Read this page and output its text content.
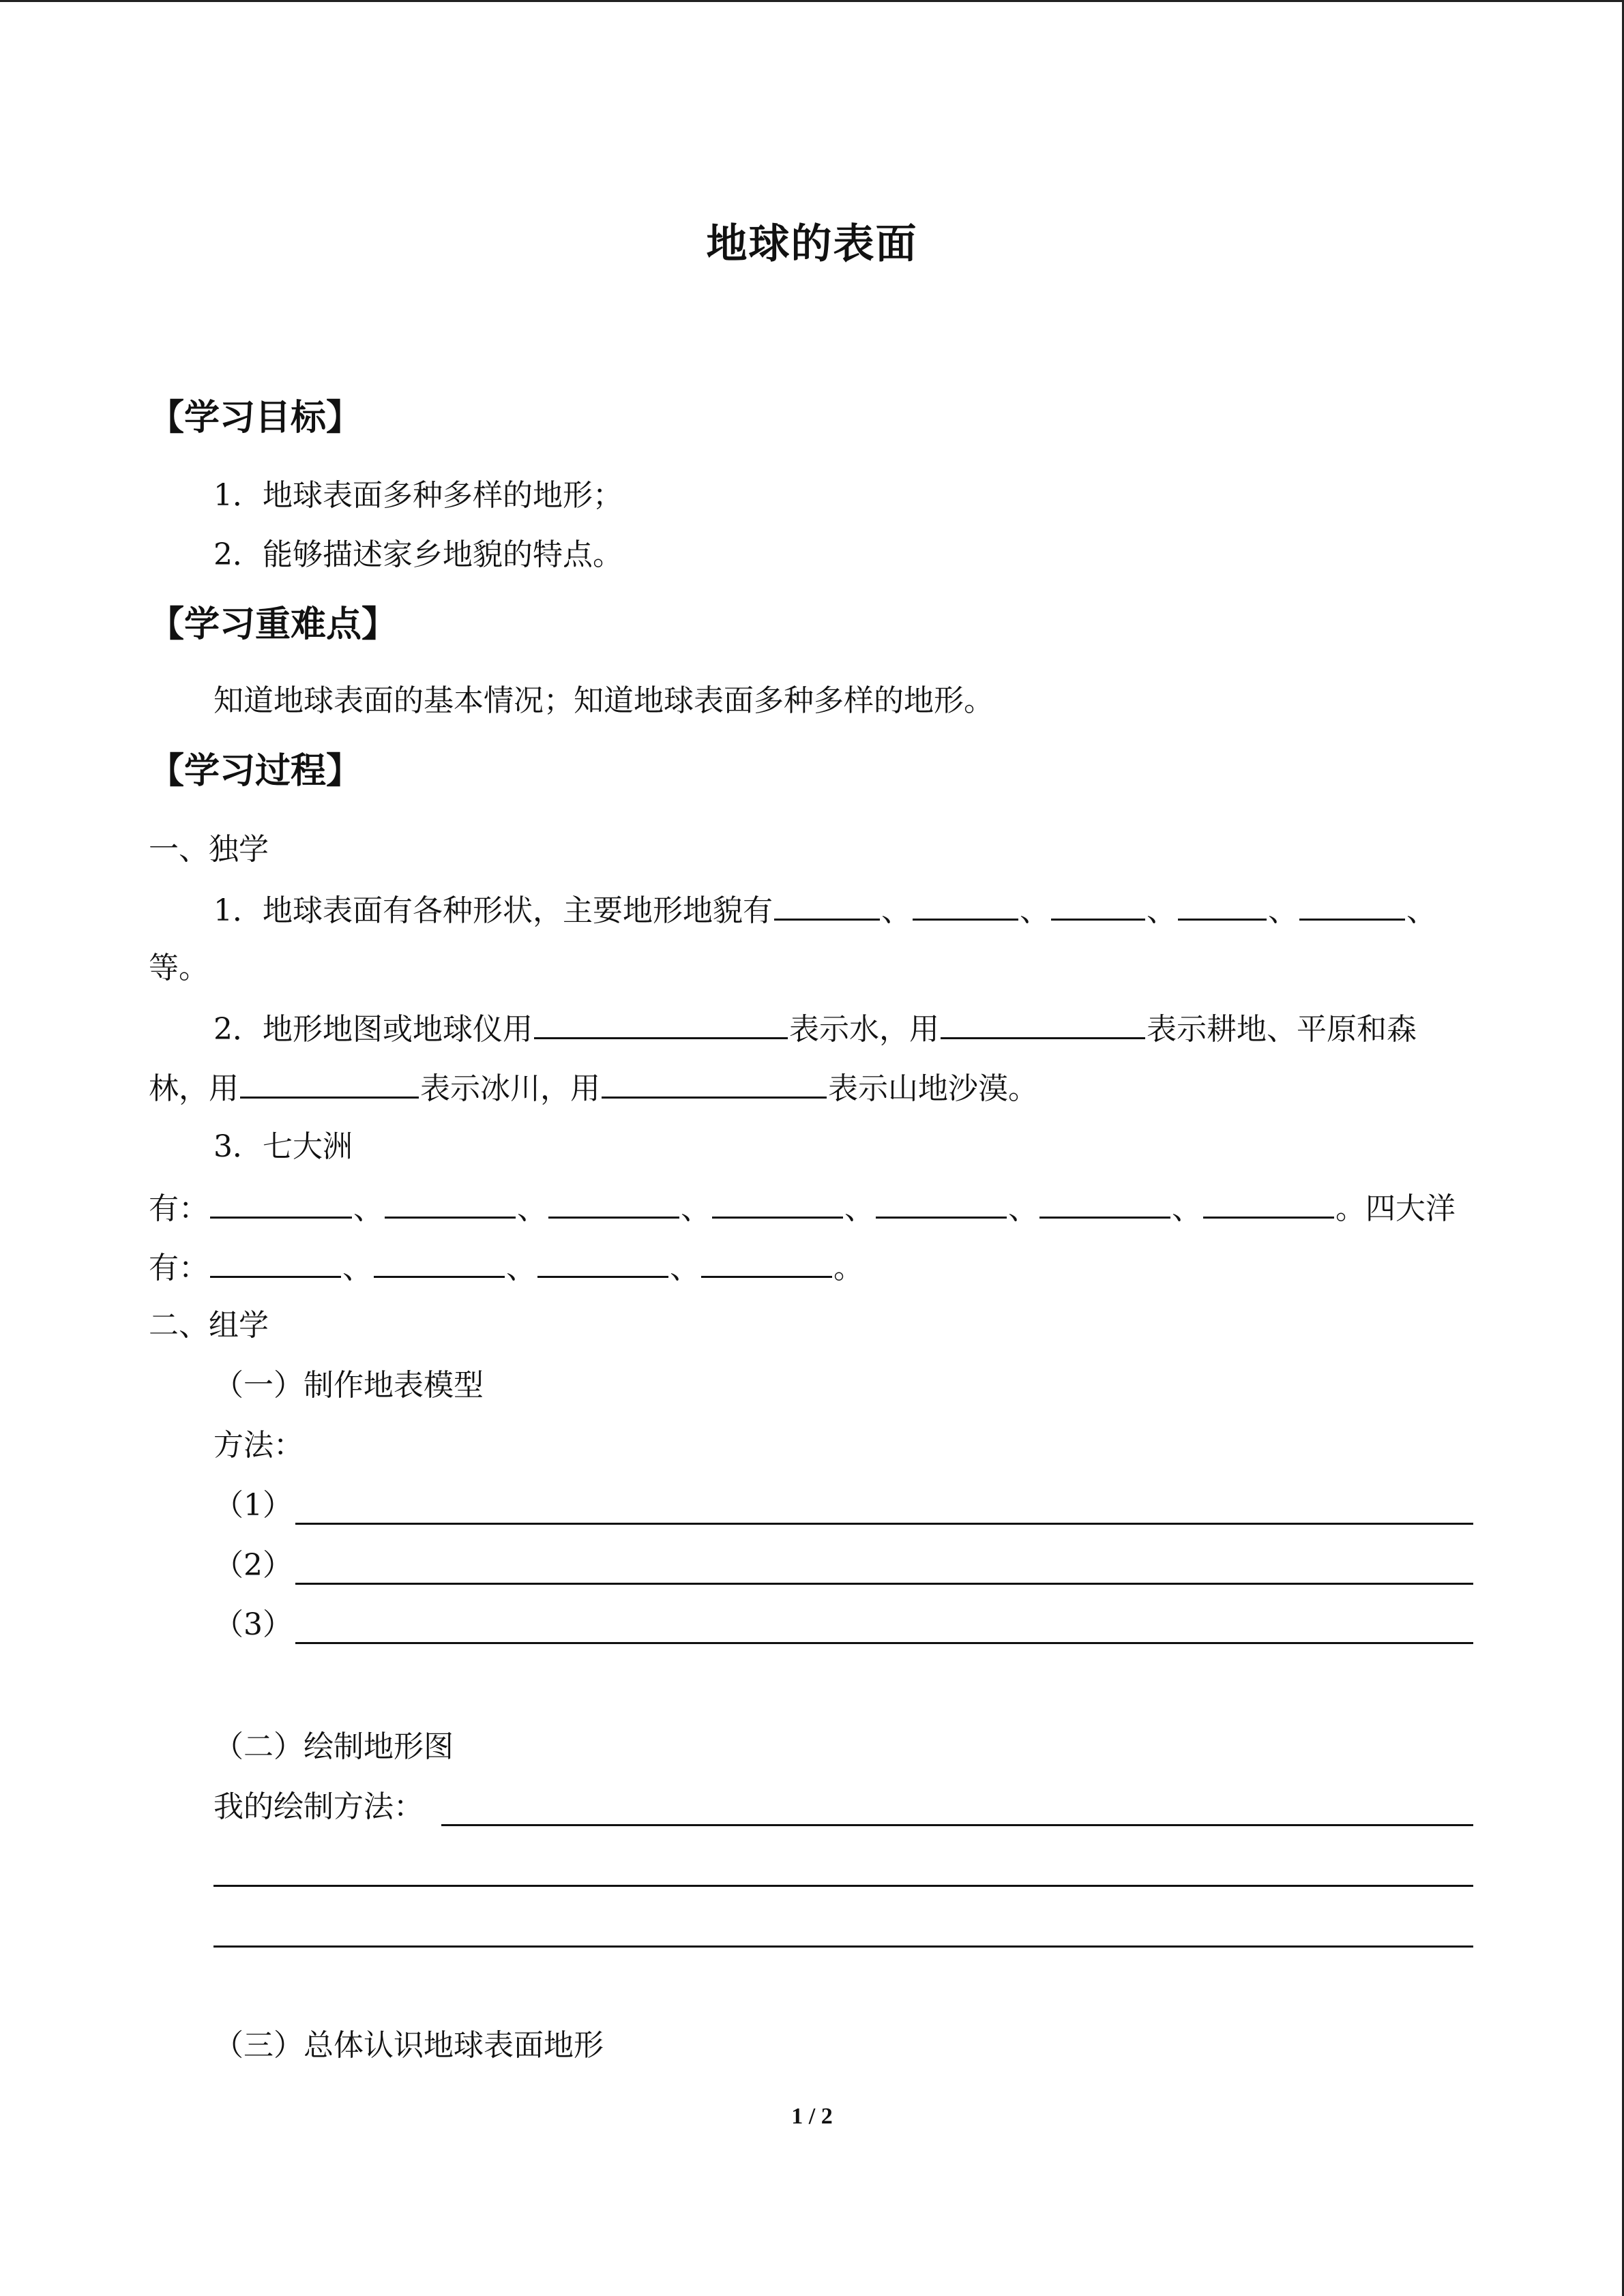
地球的表面
【学习目标】
1．地球表面多种多样的地形；
2．能够描述家乡地貌的特点。
【学习重难点】
知道地球表面的基本情况；知道地球表面多种多样的地形。
【学习过程】
一、独学
1．地球表面有各种形状，主要地形地貌有	、	、	、	、	、
等。
2．地形地图或地球仪用	表示水，用	表示耕地、平原和森
林，用	表示冰川，用	表示山地沙漠。
3．七大洲
有：	、	、	、	、	、	、	。四大洋
有：	、	、	、	。
二、组学
（一）制作地表模型
方法：
（1）
（2）
（3）
（二）绘制地形图
我的绘制方法：
（三）总体认识地球表面地形
1 / 2
